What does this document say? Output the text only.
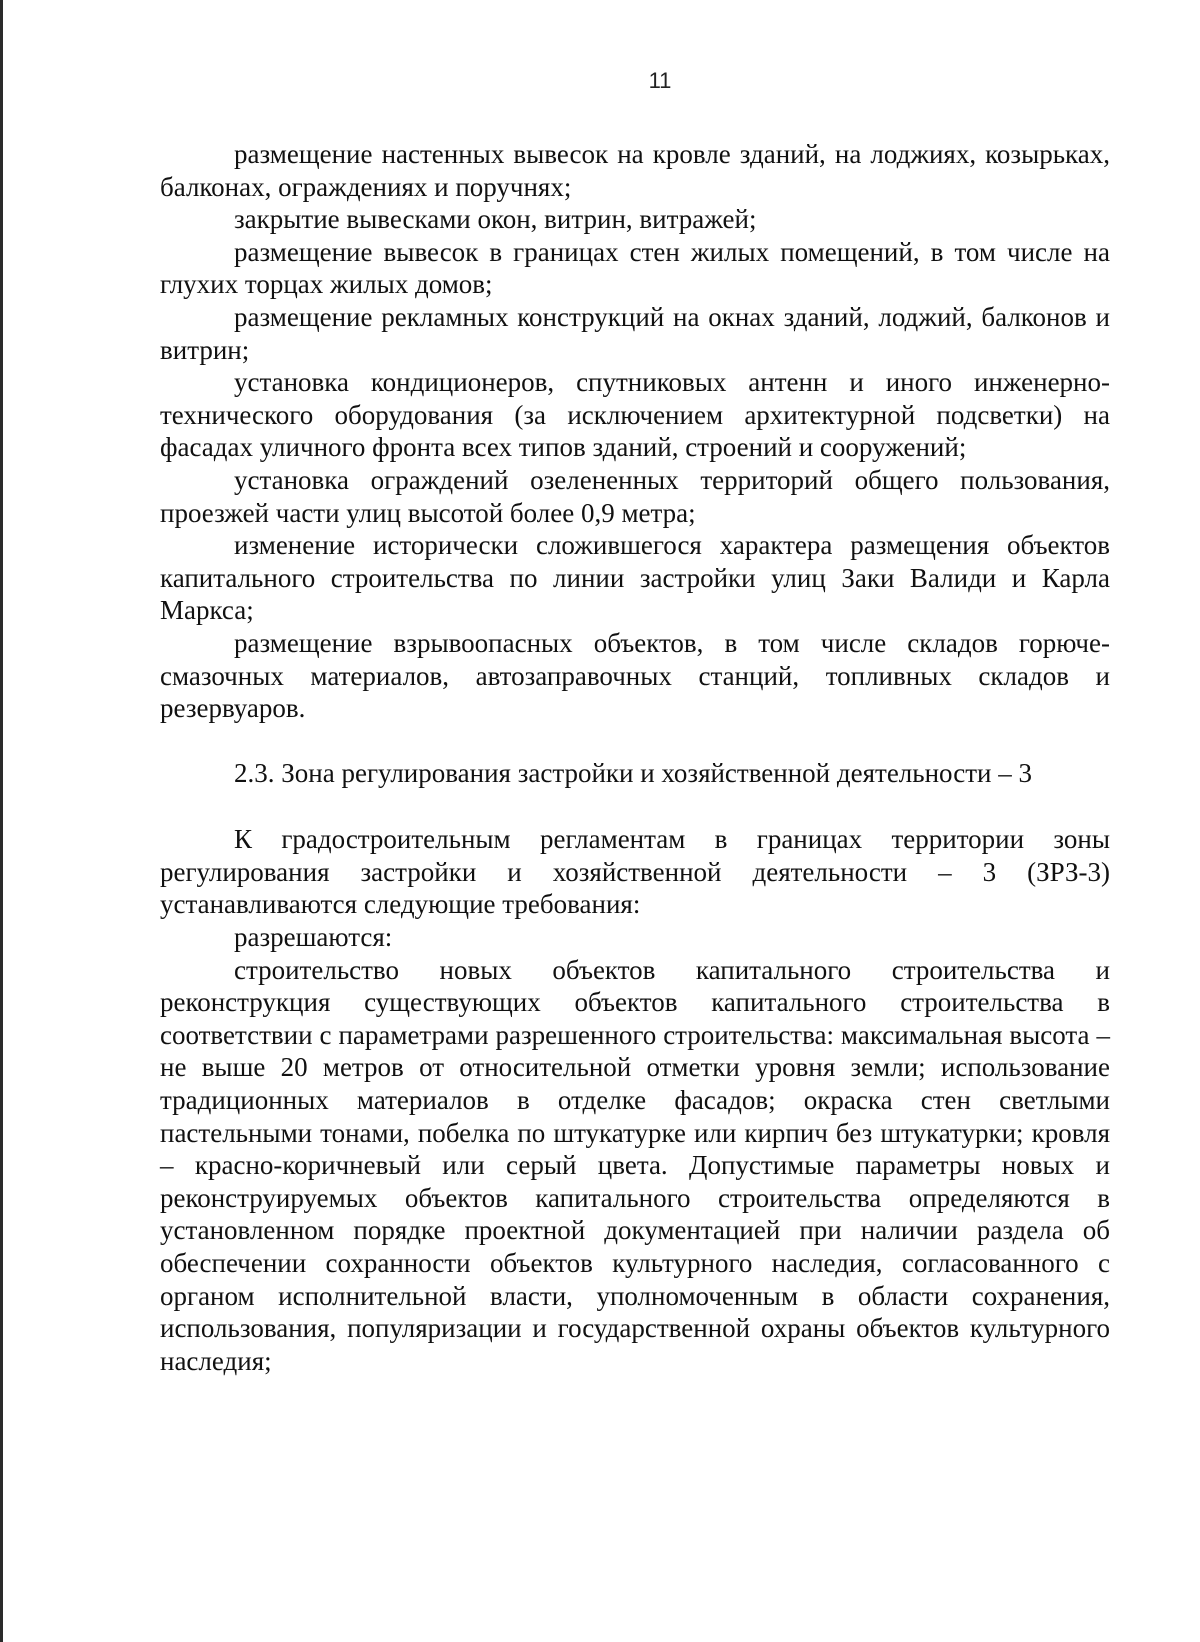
11

размещение настенных вывесок на кровле зданий, на лоджиях, козырьках, балконах, ограждениях и поручнях;

закрытие вывесками окон, витрин, витражей;

размещение вывесок в границах стен жилых помещений, в том числе на глухих торцах жилых домов;

размещение рекламных конструкций на окнах зданий, лоджий, балконов и витрин;

установка кондиционеров, спутниковых антенн и иного инженерно-технического оборудования (за исключением архитектурной подсветки) на фасадах уличного фронта всех типов зданий, строений и сооружений;

установка ограждений озелененных территорий общего пользования, проезжей части улиц высотой более 0,9 метра;

изменение исторически сложившегося характера размещения объектов капитального строительства по линии застройки улиц Заки Валиди и Карла Маркса;

размещение взрывоопасных объектов, в том числе складов горюче-смазочных материалов, автозаправочных станций, топливных складов и резервуаров.

2.3. Зона регулирования застройки и хозяйственной деятельности – 3

К градостроительным регламентам в границах территории зоны регулирования застройки и хозяйственной деятельности – 3 (ЗРЗ-3) устанавливаются следующие требования:

разрешаются:

строительство новых объектов капитального строительства и реконструкция существующих объектов капитального строительства в соответствии с параметрами разрешенного строительства: максимальная высота – не выше 20 метров от относительной отметки уровня земли; использование традиционных материалов в отделке фасадов; окраска стен светлыми пастельными тонами, побелка по штукатурке или кирпич без штукатурки; кровля – красно-коричневый или серый цвета. Допустимые параметры новых и реконструируемых объектов капитального строительства определяются в установленном порядке проектной документацией при наличии раздела об обеспечении сохранности объектов культурного наследия, согласованного с органом исполнительной власти, уполномоченным в области сохранения, использования, популяризации и государственной охраны объектов культурного наследия;
